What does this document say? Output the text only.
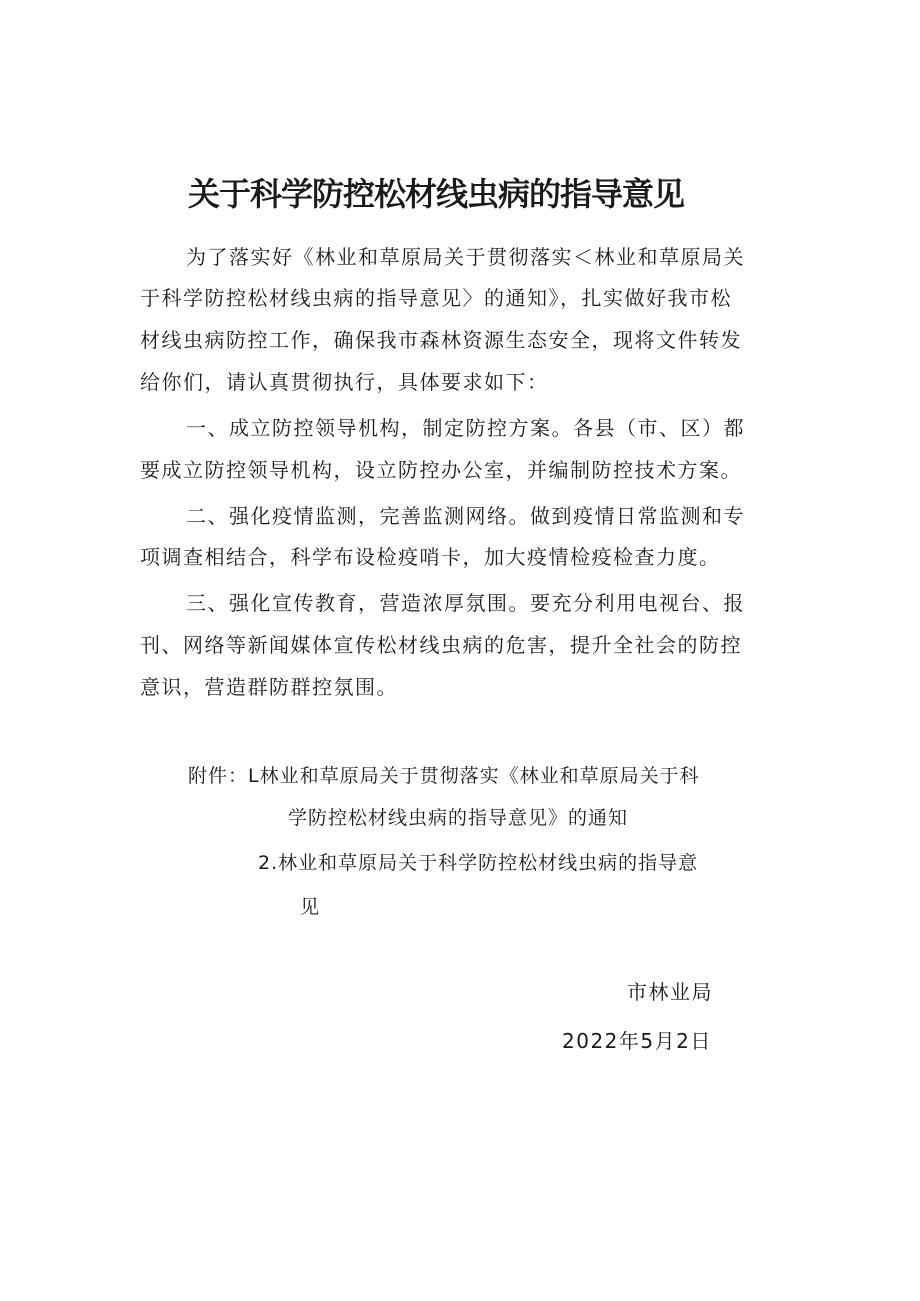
关于科学防控松材线虫病的指导意见
为了落实好《林业和草原局关于贯彻落实＜林业和草原局关
于科学防控松材线虫病的指导意见〉的通知》，扎实做好我市松
材线虫病防控工作，确保我市森林资源生态安全，现将文件转发
给你们，请认真贯彻执行，具体要求如下：
一、成立防控领导机构，制定防控方案。各县（市、区）都
要成立防控领导机构，设立防控办公室，并编制防控技术方案。
二、强化疫情监测，完善监测网络。做到疫情日常监测和专
项调查相结合，科学布设检疫哨卡，加大疫情检疫检查力度。
三、强化宣传教育，营造浓厚氛围。要充分利用电视台、报
刊、网络等新闻媒体宣传松材线虫病的危害，提升全社会的防控
意识，营造群防群控氛围。
附件：L林业和草原局关于贯彻落实《林业和草原局关于科
学防控松材线虫病的指导意见》的通知
2.林业和草原局关于科学防控松材线虫病的指导意
见
市林业局
2022年5月2日
